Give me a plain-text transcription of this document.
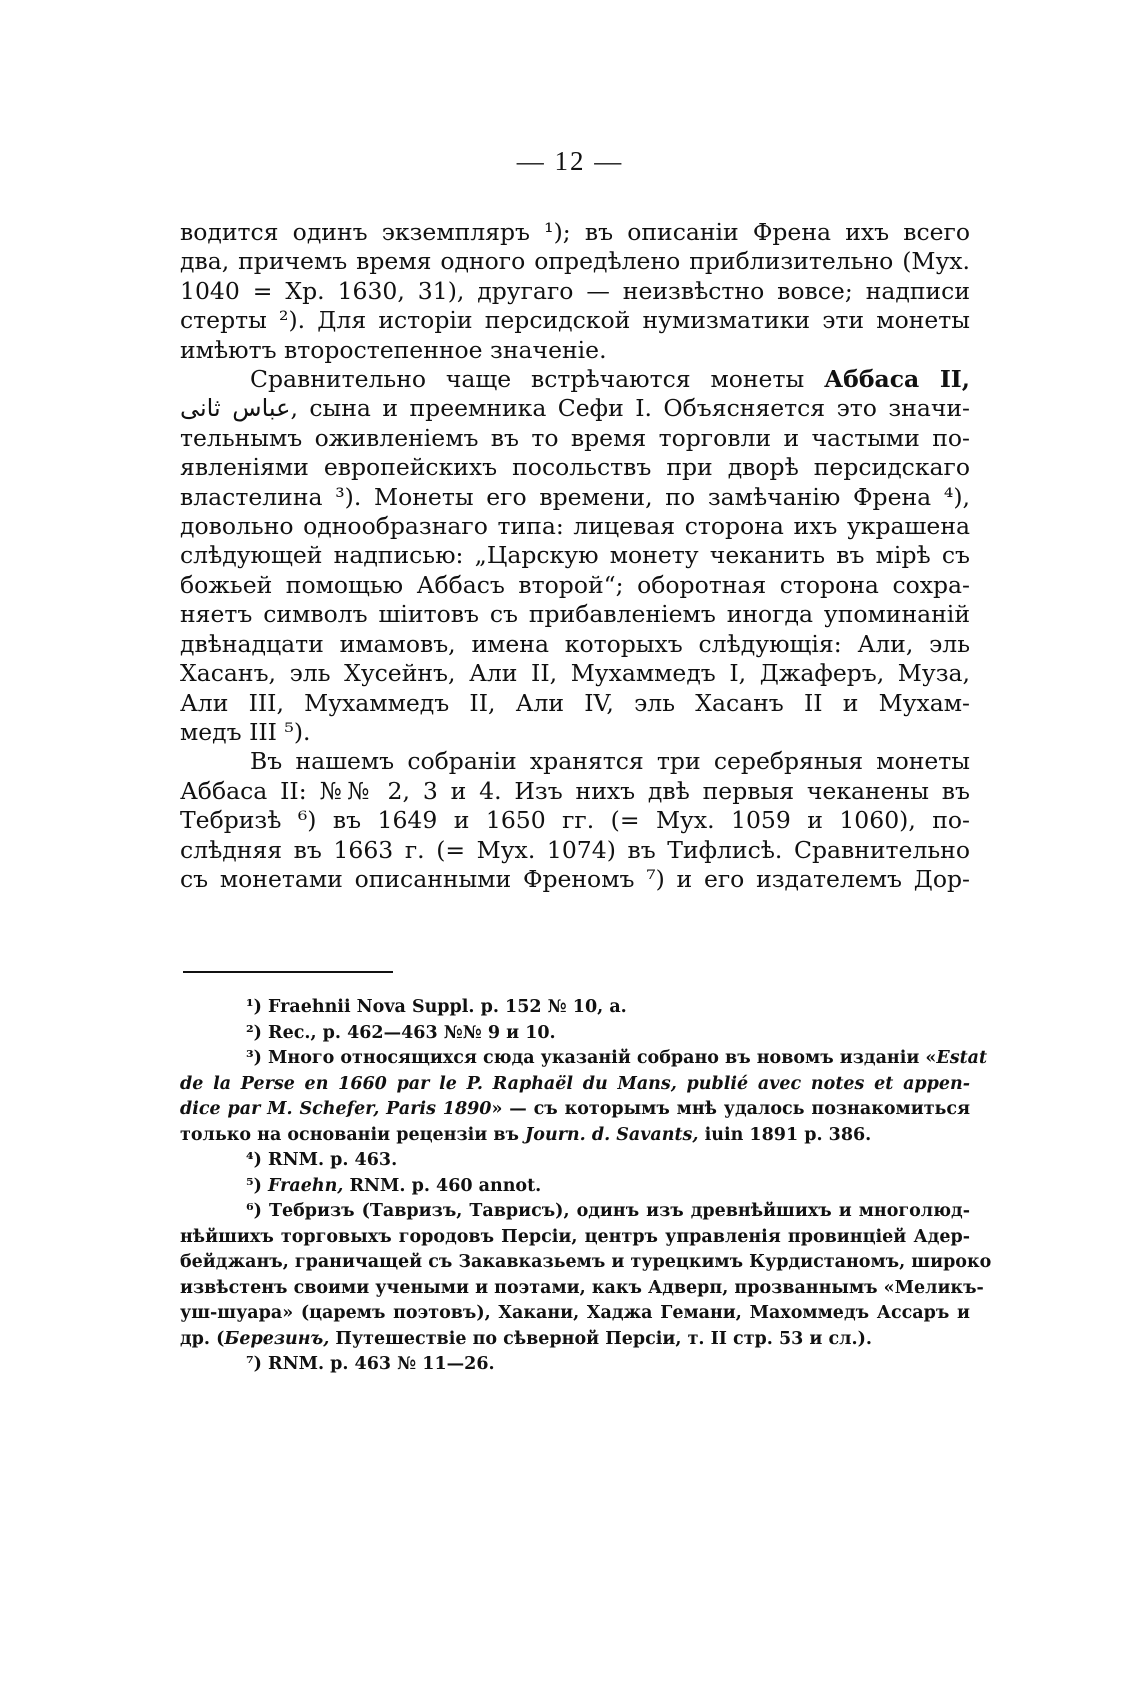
— 12 —
водится одинъ экземпляръ ¹); въ описаніи Френа ихъ всего
два, причемъ время одного опредѣлено приблизительно (Мух.
1040 = Хр. 1630, 31), другаго — неизвѣстно вовсе; надписи
стерты ²). Для исторіи персидской нумизматики эти монеты
имѣютъ второстепенное значеніе.
Сравнительно чаще встрѣчаются монеты Аббаса II,
عباس ثانى, сына и преемника Сефи I. Объясняется это значи-
тельнымъ оживленіемъ въ то время торговли и частыми по-
явленіями европейскихъ посольствъ при дворѣ персидскаго
властелина ³). Монеты его времени, по замѣчанію Френа ⁴),
довольно однообразнаго типа: лицевая сторона ихъ украшена
слѣдующей надписью: „Царскую монету чеканить въ мірѣ съ
божьей помощью Аббасъ второй“; оборотная сторона сохра-
няетъ символъ шіитовъ съ прибавленіемъ иногда упоминаній
двѣнадцати имамовъ, имена которыхъ слѣдующія: Али, эль
Хасанъ, эль Хусейнъ, Али II, Мухаммедъ I, Джаферъ, Муза,
Али III, Мухаммедъ II, Али IV, эль Хасанъ II и Мухам-
медъ III ⁵).
Въ нашемъ собраніи хранятся три серебряныя монеты
Аббаса II: №№ 2, 3 и 4. Изъ нихъ двѣ первыя чеканены въ
Тебризѣ ⁶) въ 1649 и 1650 гг. (= Мух. 1059 и 1060), по-
слѣдняя въ 1663 г. (= Мух. 1074) въ Тифлисѣ. Сравнительно
съ монетами описанными Френомъ ⁷) и его издателемъ Дор-
¹) Fraehnii Nova Suppl. p. 152 № 10, a.
²) Rec., p. 462—463 №№ 9 и 10.
³) Много относящихся сюда указаній собрано въ новомъ изданіи «Estat
de la Perse en 1660 par le P. Raphaël du Mans, publié avec notes et appen-
dice par M. Schefer, Paris 1890» — съ которымъ мнѣ удалось познакомиться
только на основаніи рецензіи въ Journ. d. Savants, iuin 1891 p. 386.
⁴) RNM. p. 463.
⁵) Fraehn, RNM. p. 460 annot.
⁶) Тебризъ (Тавризъ, Таврисъ), одинъ изъ древнѣйшихъ и многолюд-
нѣйшихъ торговыхъ городовъ Персіи, центръ управленія провинціей Адер-
бейджанъ, граничащей съ Закавказьемъ и турецкимъ Курдистаномъ, широко
извѣстенъ своими учеными и поэтами, какъ Адверп, прозваннымъ «Меликъ-
уш-шуара» (царемъ поэтовъ), Хакани, Хаджа Гемани, Махоммедъ Ассаръ и
др. (Березинъ, Путешествіе по сѣверной Персіи, т. II стр. 53 и сл.).
⁷) RNM. p. 463 № 11—26.
